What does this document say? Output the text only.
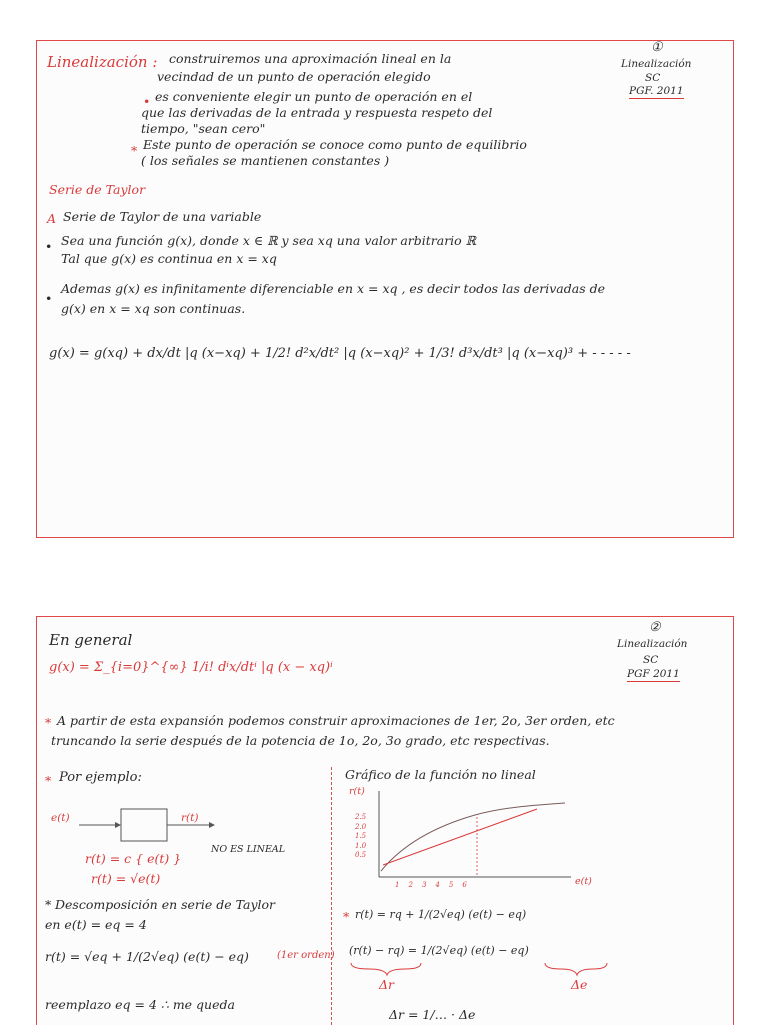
Linealización : construiremos una aproximación lineal en la
vecindad de un punto de operación elegido
• es conveniente elegir un punto de operación en el
que las derivadas de la entrada y respuesta respeto del
tiempo, "sean cero"
* Este punto de operación se conoce como punto de equilibrio
( los señales se mantienen constantes )
①
Linealización
SC
PGF. 2011
Serie de Taylor
A Serie de Taylor de una variable
• Sea una función g(x), donde x ∈ ℝ y sea xq una valor arbitrario ℝ
Tal que g(x) es continua en x = xq
•
Ademas g(x) es infinitamente diferenciable en x = xq , es decir todos las derivadas de
g(x) en x = xq son continuas.
g(x) = g(xq) + dx/dt |q (x−xq) + 1/2! d²x/dt² |q (x−xq)² + 1/3! d³x/dt³ |q (x−xq)³ + - - - - -
En general
g(x) = Σ_{i=0}^{∞} 1/i! dⁱx/dtⁱ |q (x − xq)ⁱ
②
Linealización
SC
PGF 2011
* A partir de esta expansión podemos construir aproximaciones de 1er, 2o, 3er orden, etc
truncando la serie después de la potencia de 1o, 2o, 3o grado, etc respectivas.
* Por ejemplo:
e(t)	r(t)
r(t) = c { e(t) }
NO ES LINEAL
r(t) = √e(t)
* Descomposición en serie de Taylor
en e(t) = eq = 4
r(t) = √eq + 1/(2√eq) (e(t) − eq)	(1er orden)
reemplazo eq = 4 ∴ me queda
Gráfico de la función no lineal
r(t)
e(t)
2.5
2.0
1.5
1.0
0.5
1 2 3 4 5 6
* r(t) = rq + 1/(2√eq) (e(t) − eq)
(r(t) − rq) = 1/(2√eq) (e(t) − eq)
Δr	Δe
Δr = 1/… · Δe
